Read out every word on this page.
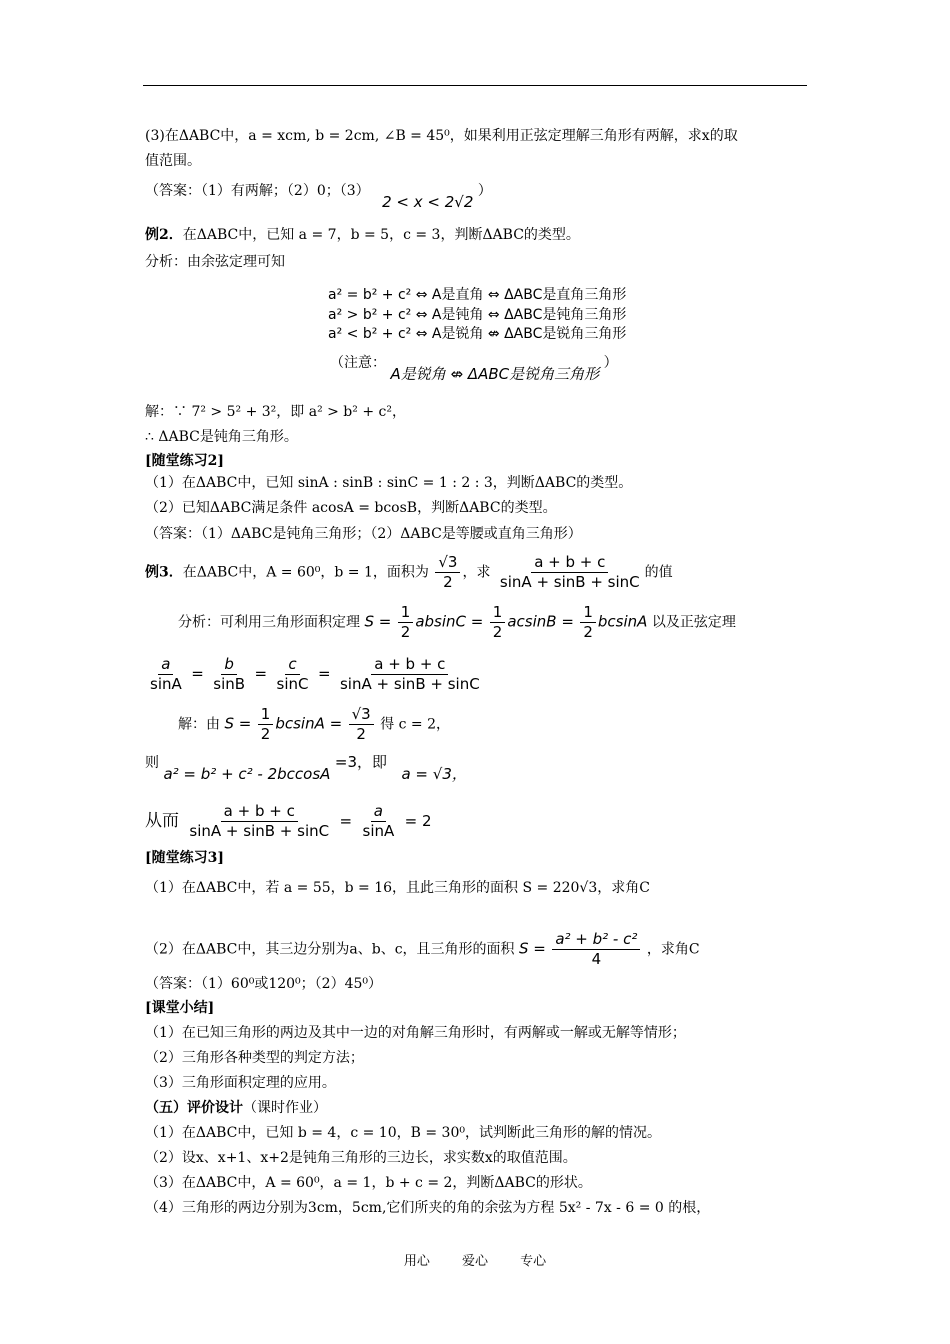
(3)在ΔABC中，a = xcm, b = 2cm, ∠B = 45⁰，如果利用正弦定理解三角形有两解，求x的取
值范围。
（答案：（1）有两解；（2）0；（3） 2 < x < 2√2 ）
例2．在ΔABC中，已知 a = 7，b = 5，c = 3，判断ΔABC的类型。
分析：由余弦定理可知
a² = b² + c² ⇔ A是直角 ⇔ ΔABC是直角三角形
a² > b² + c² ⇔ A是钝角 ⇔ ΔABC是钝角三角形
a² < b² + c² ⇔ A是锐角 ⇎ ΔABC是锐角三角形
（注意： A是锐角 ⇎ ΔABC是锐角三角形 ）
解：∵ 7² > 5² + 3²，即 a² > b² + c²，
∴ ΔABC是钝角三角形。
[随堂练习2]
（1）在ΔABC中，已知 sinA : sinB : sinC = 1 : 2 : 3，判断ΔABC的类型。
（2）已知ΔABC满足条件 acosA = bcosB，判断ΔABC的类型。
（答案：（1）ΔABC是钝角三角形；（2）ΔABC是等腰或直角三角形）
例3．在ΔABC中，A = 60⁰，b = 1，面积为 $\frac{√3}{2}$ ，求 $\frac{a + b + c}{\sin A + \sin B + \sin C}$ 的值
分析：可利用三角形面积定理 $S = \frac{1}{2}$ $absinC = \frac{1}{2}$ $acsinB = \frac{1}{2}$ bcsinA 以及正弦定理
$\frac{a}{\sin A} = \frac{b}{\sin B} = \frac{c}{\sin C} = \frac{a + b + c}{\sin A + \sin B + \sin C}$
解：由 $S = \frac{1}{2}$ $bcsinA = \frac{√3}{2}$ 得 c = 2，
则 a² = b² + c² - 2bccosA =3，即 a = √3，
从而 $\frac{a + b + c}{\sin A + \sin B + \sin C} = \frac{a}{\sin A} = 2$
[随堂练习3]
（1）在ΔABC中，若 a = 55，b = 16，且此三角形的面积 S = 220√3，求角C
（2）在ΔABC中，其三边分别为a、b、c，且三角形的面积 $S = \frac{\text{a² + b² - c²}}{4}$ ，求角C
（答案：（1）60⁰或120⁰；（2）45⁰）
[课堂小结]
（1）在已知三角形的两边及其中一边的对角解三角形时，有两解或一解或无解等情形；
（2）三角形各种类型的判定方法；
（3）三角形面积定理的应用。
（五）评价设计（课时作业）
（1）在ΔABC中，已知 b = 4，c = 10，B = 30⁰，试判断此三角形的解的情况。
（2）设x、x+1、x+2是钝角三角形的三边长，求实数x的取值范围。
（3）在ΔABC中，A = 60⁰，a = 1，b + c = 2，判断ΔABC的形状。
（4）三角形的两边分别为3cm，5cm,它们所夹的角的余弦为方程 5x² - 7x - 6 = 0 的根，
用心 爱心 专心
